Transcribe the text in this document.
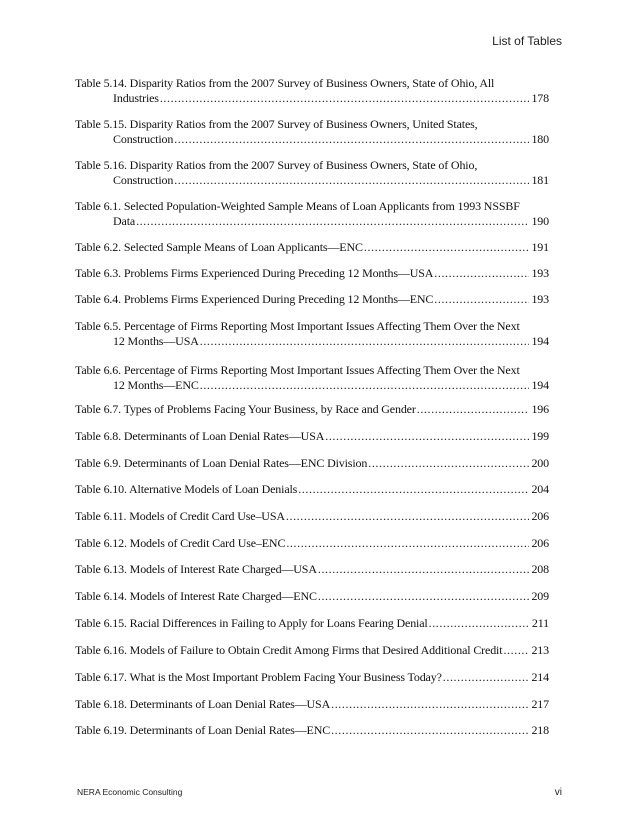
List of Tables
Table 5.14. Disparity Ratios from the 2007 Survey of Business Owners, State of Ohio, All
Industries .....	178
Table 5.15. Disparity Ratios from the 2007 Survey of Business Owners, United States,
Construction .....	180
Table 5.16. Disparity Ratios from the 2007 Survey of Business Owners, State of Ohio,
Construction .....	181
Table 6.1. Selected Population-Weighted Sample Means of Loan Applicants from 1993 NSSBF
Data .....	190
Table 6.2. Selected Sample Means of Loan Applicants—ENC .....	191
Table 6.3. Problems Firms Experienced During Preceding 12 Months—USA .....	193
Table 6.4. Problems Firms Experienced During Preceding 12 Months—ENC .....	193
Table 6.5. Percentage of Firms Reporting Most Important Issues Affecting Them Over the Next
12 Months—USA .....	194
Table 6.6. Percentage of Firms Reporting Most Important Issues Affecting Them Over the Next
12 Months—ENC .....	194
Table 6.7. Types of Problems Facing Your Business, by Race and Gender .....	196
Table 6.8. Determinants of Loan Denial Rates—USA .....	199
Table 6.9. Determinants of Loan Denial Rates—ENC Division .....	200
Table 6.10. Alternative Models of Loan Denials .....	204
Table 6.11. Models of Credit Card Use–USA .....	206
Table 6.12. Models of Credit Card Use–ENC .....	206
Table 6.13. Models of Interest Rate Charged—USA .....	208
Table 6.14. Models of Interest Rate Charged—ENC .....	209
Table 6.15. Racial Differences in Failing to Apply for Loans Fearing Denial .....	211
Table 6.16. Models of Failure to Obtain Credit Among Firms that Desired Additional Credit ..... 213
Table 6.17. What is the Most Important Problem Facing Your Business Today? .....	214
Table 6.18. Determinants of Loan Denial Rates—USA .....	217
Table 6.19. Determinants of Loan Denial Rates—ENC .....	218
NERA Economic Consulting	vi
